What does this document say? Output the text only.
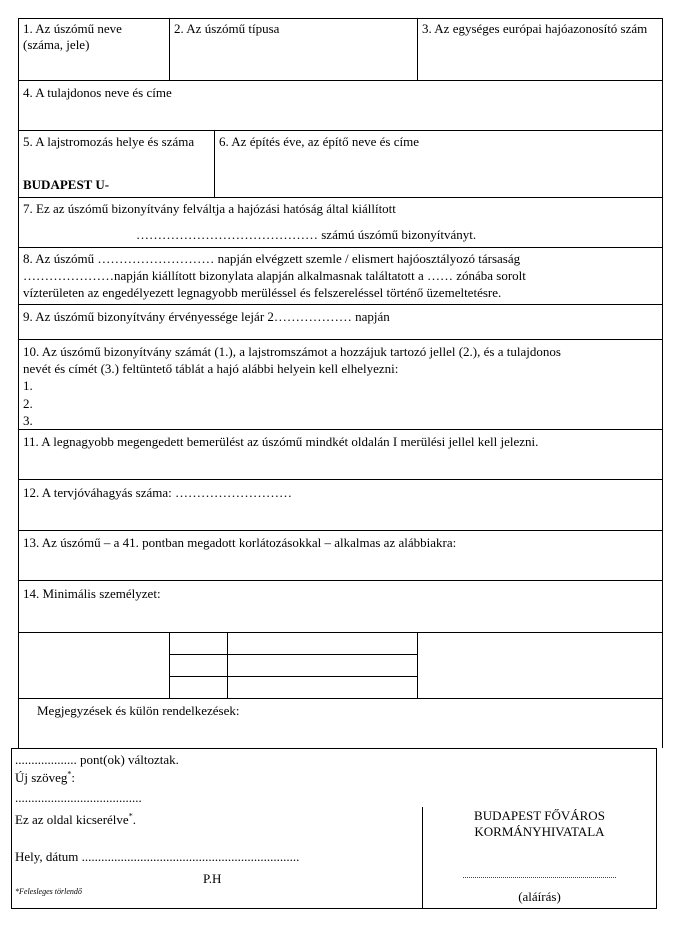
1. Az úszómű neve (száma, jele)
2. Az úszómű típusa	3. Az egységes európai hajóazonosító szám
4. A tulajdonos neve és címe
5. A lajstromozás helye és száma
BUDAPEST U-
6. Az építés éve, az építő neve és címe
7. Ez az úszómű bizonyítvány felváltja a hajózási hatóság által kiállított
…………………………………… számú úszómű bizonyítványt.
8. Az úszómű ……………………… napján elvégzett szemle / elismert hajóosztályozó társaság
…………………napján kiállított bizonylata alapján alkalmasnak találtatott a …… zónába sorolt
vízterületen az engedélyezett legnagyobb merüléssel és felszereléssel történő üzemeltetésre.
9. Az úszómű bizonyítvány érvényessége lejár 2……………… napján
10. Az úszómű bizonyítvány számát (1.), a lajstromszámot a hozzájuk tartozó jellel (2.), és a tulajdonos
nevét és címét (3.) feltüntető táblát a hajó alábbi helyein kell elhelyezni:
1.
2.
3.
11. A legnagyobb megengedett bemerülést az úszómű mindkét oldalán I merülési jellel kell jelezni.
12. A tervjóváhagyás száma: ………………………
13. Az úszómű – a 41. pontban megadott korlátozásokkal – alkalmas az alábbiakra:
14. Minimális személyzet:
Megjegyzések és külön rendelkezések:
................... pont(ok) változtak.
Új szöveg*:
.......................................
Ez az oldal kicserélve*.
Hely, dátum ...................................................................
P.H
*Felesleges törlendő
BUDAPEST FŐVÁROS
KORMÁNYHIVATALA
.............................................................................
(aláírás)
